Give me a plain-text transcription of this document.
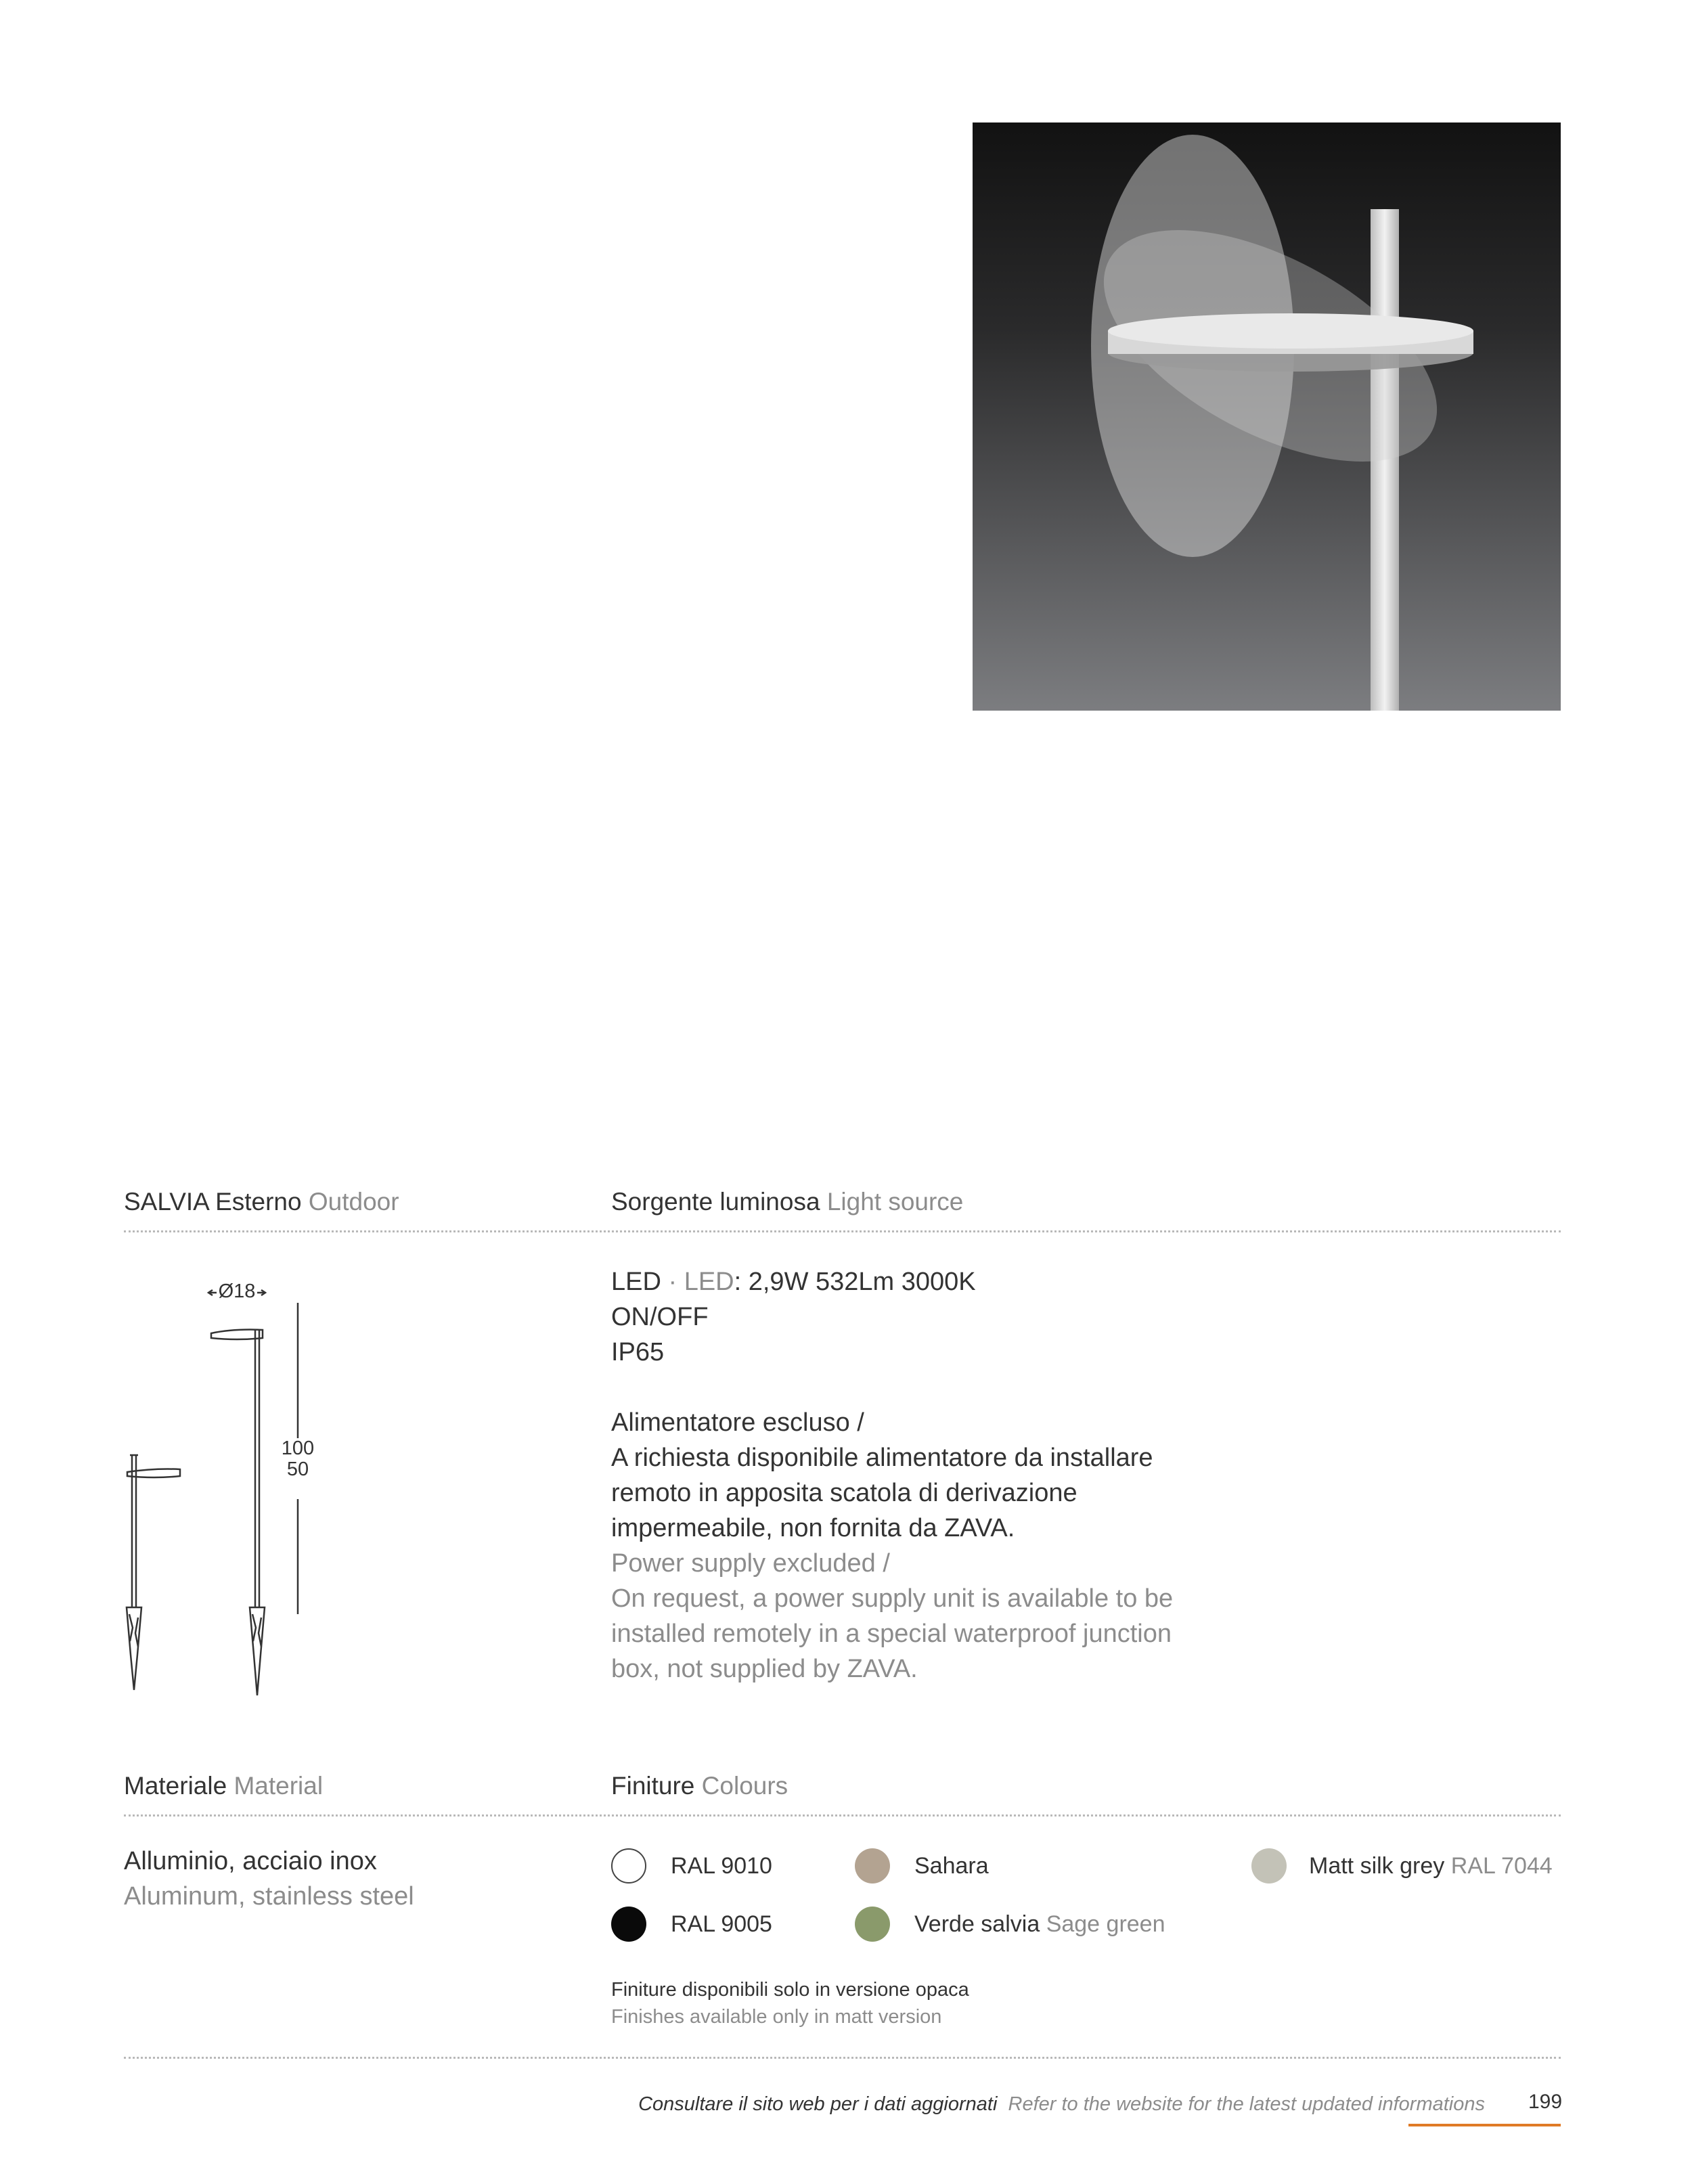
SALVIA Esterno Outdoor	Sorgente luminosa Light source
Ø18
100
50
LED · LED: 2,9W 532Lm 3000K
ON/OFF
IP65
Alimentatore escluso /
A richiesta disponibile alimentatore da installare
remoto in apposita scatola di derivazione
impermeabile, non fornita da ZAVA.
Power supply excluded /
On request, a power supply unit is available to be
installed remotely in a special waterproof junction
box, not supplied by ZAVA.
Materiale Material	Finiture Colours
Alluminio, acciaio inox
Aluminum, stainless steel
RAL 9010	Sahara	Matt silk grey RAL 7044
RAL 9005	Verde salvia Sage green
Finiture disponibili solo in versione opaca
Finishes available only in matt version
Consultare il sito web per i dati aggiornati Refer to the website for the latest updated informations 199
